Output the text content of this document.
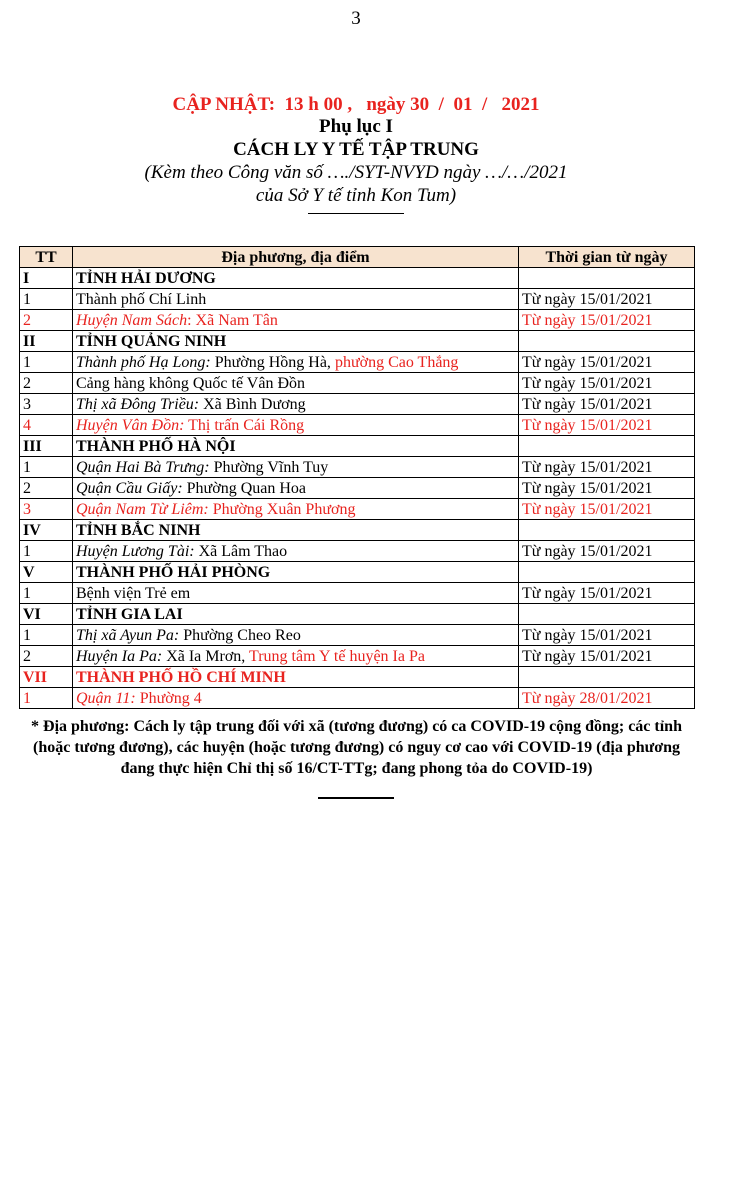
3
CẬP NHẬT:  13 h 00 ,   ngày 30  /  01  /   2021
Phụ lục I
CÁCH LY Y TẾ TẬP TRUNG
(Kèm theo Công văn số …./SYT-NVYD ngày …/…/2021
của Sở Y tế tỉnh Kon Tum)
TT	Địa phương, địa điểm	Thời gian từ ngày
I	TỈNH HẢI DƯƠNG	
1	Thành phố Chí Linh	Từ ngày 15/01/2021
2	Huyện Nam Sách: Xã Nam Tân	Từ ngày 15/01/2021
II	TỈNH QUẢNG NINH	
1	Thành phố Hạ Long: Phường Hồng Hà, phường Cao Thắng	Từ ngày 15/01/2021
2	Cảng hàng không Quốc tế Vân Đồn	Từ ngày 15/01/2021
3	Thị xã Đông Triều: Xã Bình Dương	Từ ngày 15/01/2021
4	Huyện Vân Đồn: Thị trấn Cái Rồng	Từ ngày 15/01/2021
III	THÀNH PHỐ HÀ NỘI	
1	Quận Hai Bà Trưng: Phường Vĩnh Tuy	Từ ngày 15/01/2021
2	Quận Cầu Giấy: Phường Quan Hoa	Từ ngày 15/01/2021
3	Quận Nam Từ Liêm: Phường Xuân Phương	Từ ngày 15/01/2021
IV	TỈNH BẮC NINH	
1	Huyện Lương Tài: Xã Lâm Thao	Từ ngày 15/01/2021
V	THÀNH PHỐ HẢI PHÒNG	
1	Bệnh viện Trẻ em	Từ ngày 15/01/2021
VI	TỈNH GIA LAI	
1	Thị xã Ayun Pa: Phường Cheo Reo	Từ ngày 15/01/2021
2	Huyện Ia Pa: Xã Ia Mrơn, Trung tâm Y tế huyện Ia Pa	Từ ngày 15/01/2021
VII	THÀNH PHỐ HỒ CHÍ MINH	
1	Quận 11: Phường 4	Từ ngày 28/01/2021
* Địa phương: Cách ly tập trung đối với xã (tương đương) có ca COVID-19 cộng đồng; các tỉnh (hoặc tương đương), các huyện (hoặc tương đương) có nguy cơ cao với COVID-19 (địa phương đang thực hiện Chỉ thị số 16/CT-TTg; đang phong tỏa do COVID-19)
